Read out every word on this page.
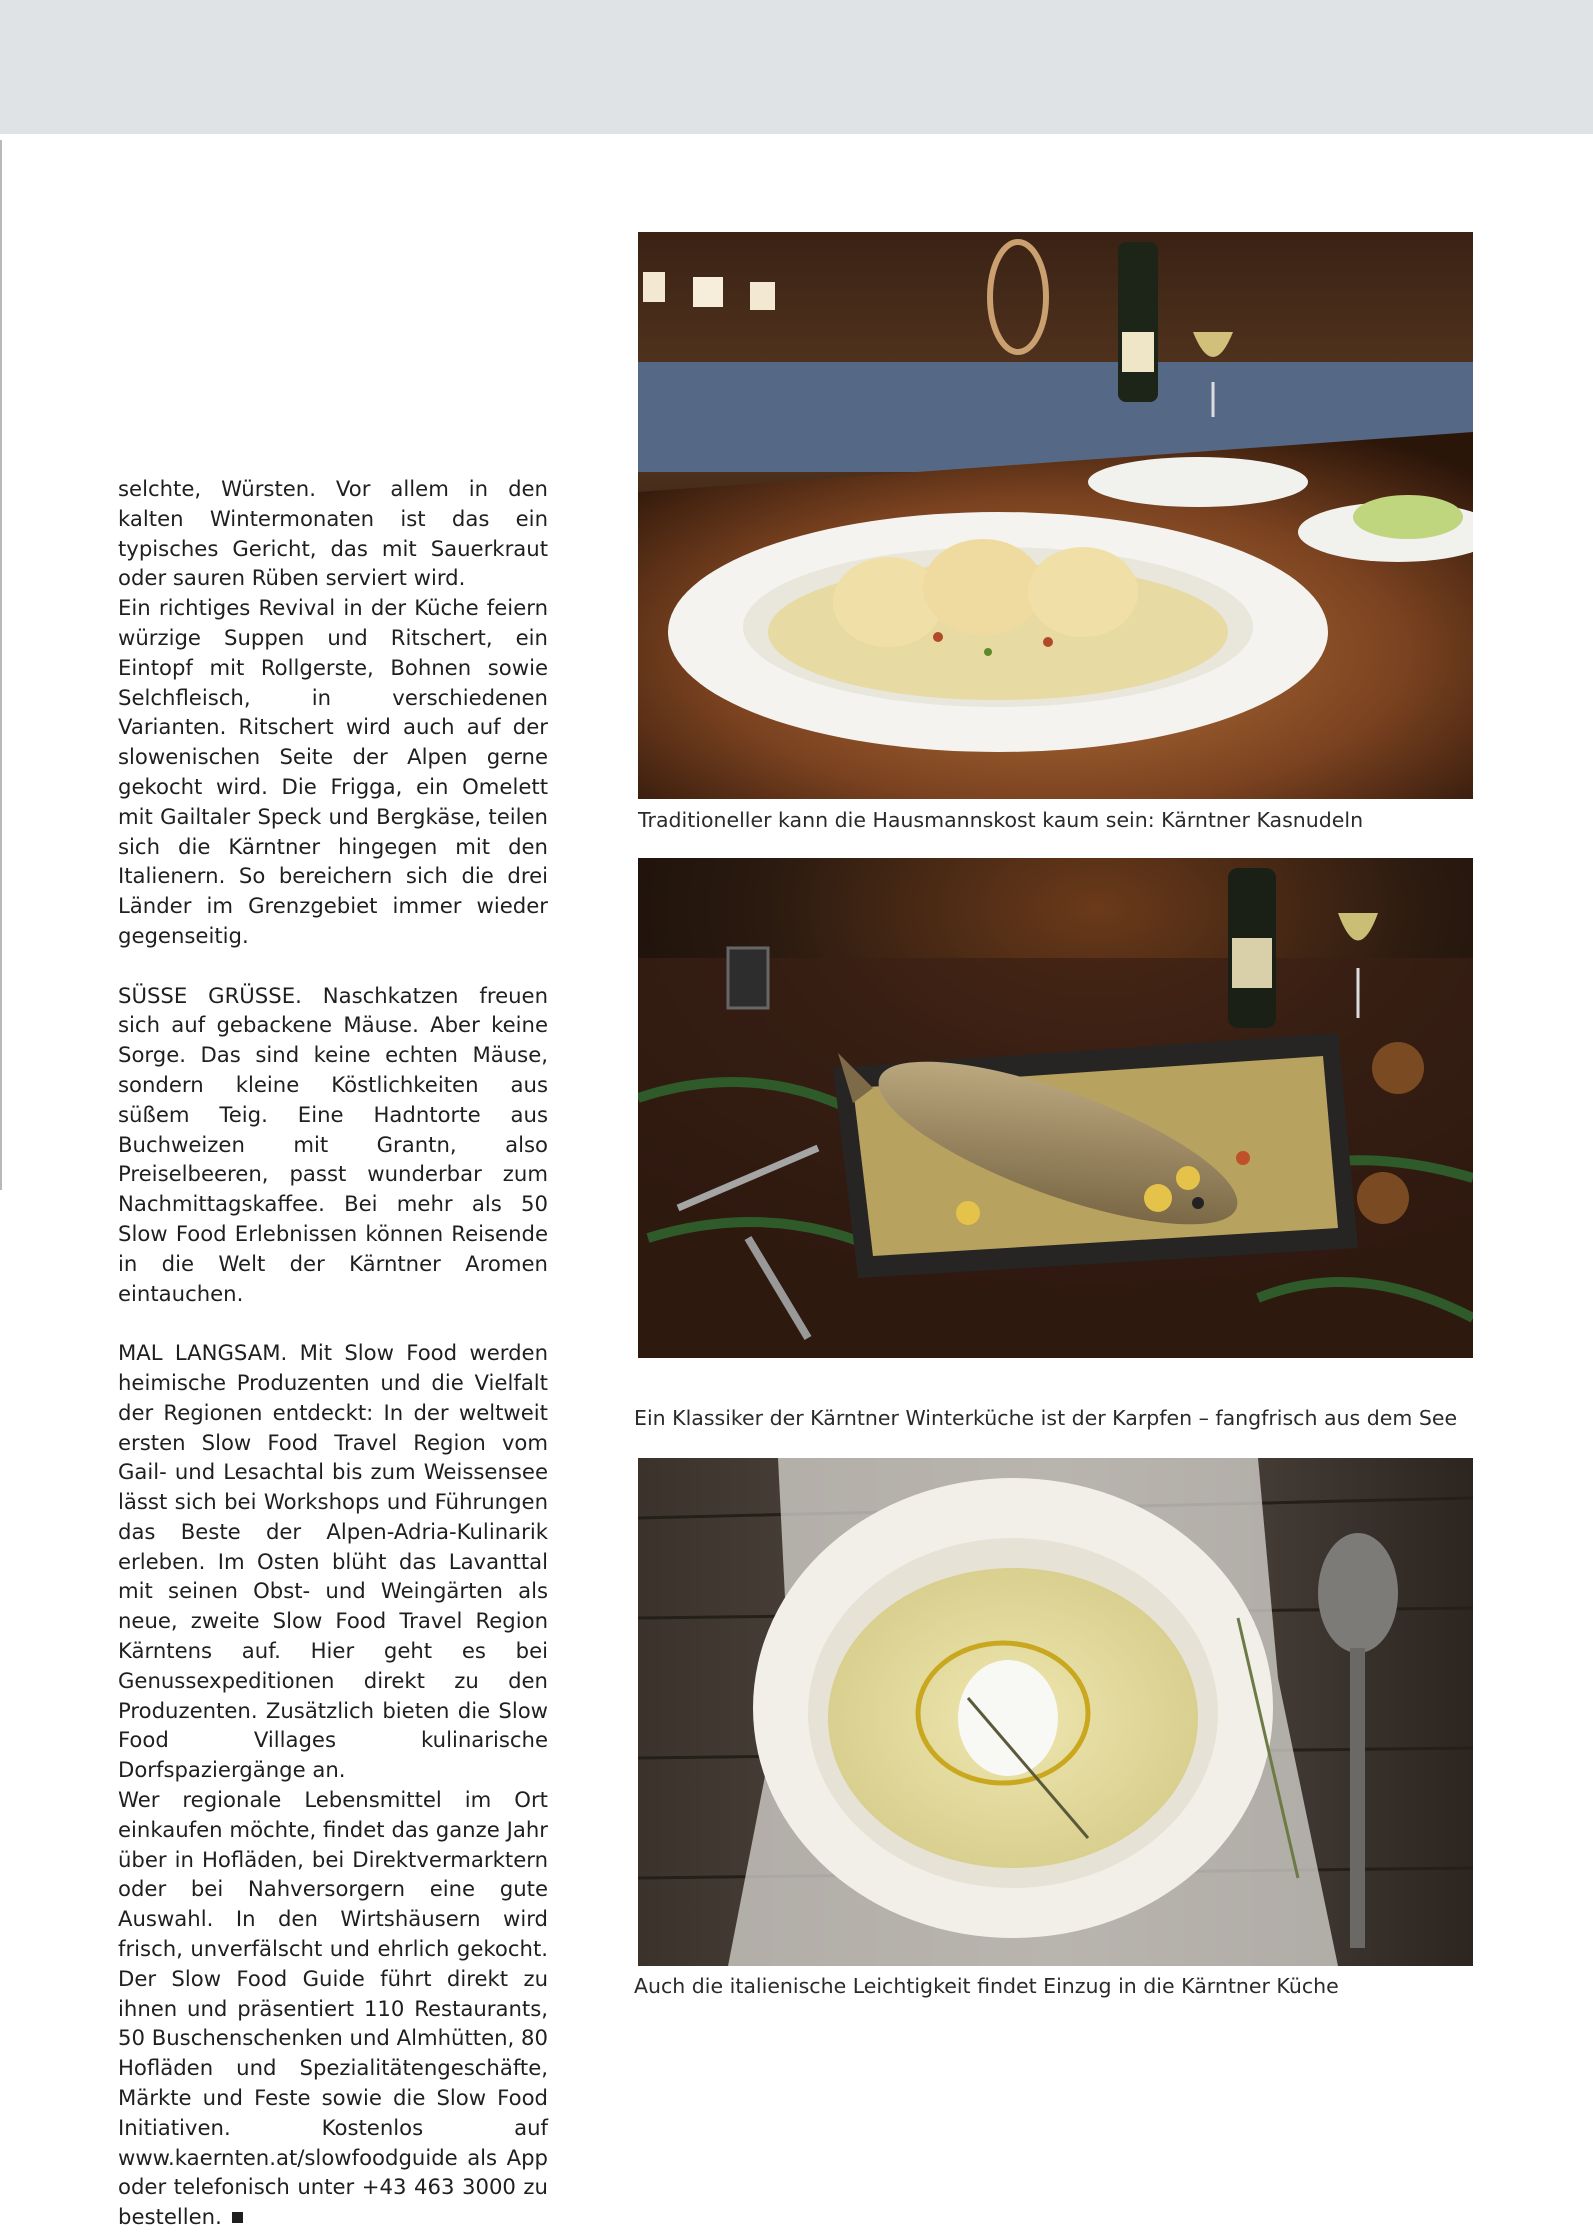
selchte, Würsten. Vor allem in den kalten Wintermonaten ist das ein typisches Gericht, das mit Sauerkraut oder sauren Rüben serviert wird.

Ein richtiges Revival in der Küche feiern würzige Suppen und Ritschert, ein Eintopf mit Rollgerste, Bohnen sowie Selchfleisch, in verschiedenen Varianten. Ritschert wird auch auf der slowenischen Seite der Alpen gerne gekocht wird. Die Frigga, ein Omelett mit Gailtaler Speck und Bergkäse, teilen sich die Kärntner hingegen mit den Italienern. So bereichern sich die drei Länder im Grenzgebiet immer wieder gegenseitig.

SÜSSE GRÜSSE. Naschkatzen freuen sich auf gebackene Mäuse. Aber keine Sorge. Das sind keine echten Mäuse, sondern kleine Köstlichkeiten aus süßem Teig. Eine Hadntorte aus Buchweizen mit Grantn, also Preiselbeeren, passt wunderbar zum Nachmittagskaffee. Bei mehr als 50 Slow Food Erlebnissen können Reisende in die Welt der Kärntner Aromen eintauchen.

MAL LANGSAM. Mit Slow Food werden heimische Produzenten und die Vielfalt der Regionen entdeckt: In der weltweit ersten Slow Food Travel Region vom Gail- und Lesachtal bis zum Weissensee lässt sich bei Workshops und Führungen das Beste der Alpen-Adria-Kulinarik erleben. Im Osten blüht das Lavanttal mit seinen Obst- und Weingärten als neue, zweite Slow Food Travel Region Kärntens auf. Hier geht es bei Genussexpeditionen direkt zu den Produzenten. Zusätzlich bieten die Slow Food Villages kulinarische Dorfspaziergänge an.

Wer regionale Lebensmittel im Ort einkaufen möchte, findet das ganze Jahr über in Hofläden, bei Direktvermarktern oder bei Nahversorgern eine gute Auswahl. In den Wirtshäusern wird frisch, unverfälscht und ehrlich gekocht. Der Slow Food Guide führt direkt zu ihnen und präsentiert 110 Restaurants, 50 Buschenschenken und Almhütten, 80 Hofläden und Spezialitätengeschäfte, Märkte und Feste sowie die Slow Food Initiativen. Kostenlos auf www.kaernten.at/slowfoodguide als App oder telefonisch unter +43 463 3000 zu bestellen.

Traditioneller kann die Hausmannskost kaum sein: Kärntner Kasnudeln
Ein Klassiker der Kärntner Winterküche ist der Karpfen – fangfrisch aus dem See
Auch die italienische Leichtigkeit findet Einzug in die Kärntner Küche
